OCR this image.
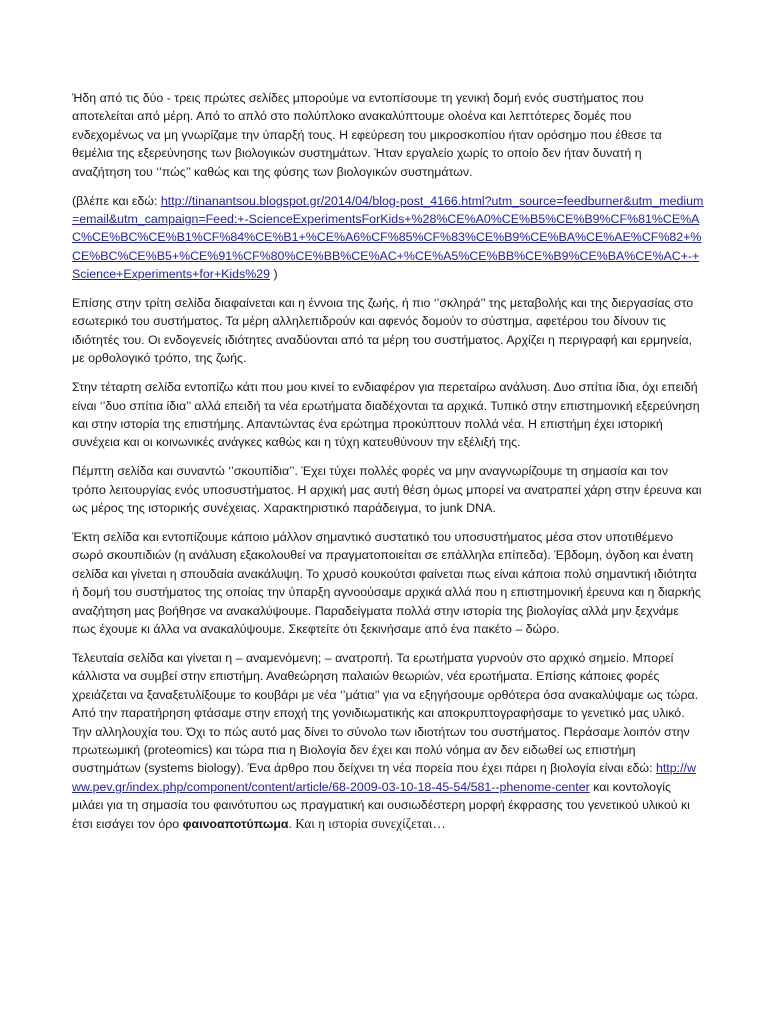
Ήδη από τις δύο - τρεις πρώτες σελίδες μπορούμε να εντοπίσουμε τη γενική δομή ενός συστήματος που αποτελείται από μέρη. Από το απλό στο πολύπλοκο ανακαλύπτουμε ολοένα και λεπτότερες δομές που ενδεχομένως να μη γνωρίζαμε την ύπαρξή τους. Η εφεύρεση του μικροσκοπίου ήταν ορόσημο που έθεσε τα θεμέλια της εξερεύνησης των βιολογικών συστημάτων. Ήταν εργαλείο χωρίς το οποίο δεν ήταν δυνατή η αναζήτηση του ‘’πώς’’ καθώς και της φύσης των βιολογικών συστημάτων.

(βλέπε και εδώ: http://tinanantsou.blogspot.gr/2014/04/blog-post_4166.html?utm_source=feedburner&utm_medium=email&utm_campaign=Feed:+-ScienceExperimentsForKids+%28%CE%A0%CE%B5%CE%B9%CF%81%CE%AC%CE%BC%CE%B1%CF%84%CE%B1+%CE%A6%CF%85%CF%83%CE%B9%CE%BA%CE%AE%CF%82+%CE%BC%CE%B5+%CE%91%CF%80%CE%BB%CE%AC+%CE%A5%CE%BB%CE%B9%CE%BA%CE%AC+-+Science+Experiments+for+Kids%29 )

Επίσης στην τρίτη σελίδα διαφαίνεται και η έννοια της ζωής, ή πιο ‘’σκληρά’’ της μεταβολής και της διεργασίας στο εσωτερικό του συστήματος. Τα μέρη αλληλεπιδρούν και αφενός δομούν το σύστημα, αφετέρου του δίνουν τις ιδιότητές του. Οι ενδογενείς ιδιότητες αναδύονται από τα μέρη του συστήματος. Αρχίζει η περιγραφή και ερμηνεία, με ορθολογικό τρόπο, της ζωής.

Στην τέταρτη σελίδα εντοπίζω κάτι που μου κινεί το ενδιαφέρον για περεταίρω ανάλυση. Δυο σπίτια ίδια, όχι επειδή είναι ‘’δυο σπίτια ίδια’’ αλλά επειδή τα νέα ερωτήματα διαδέχονται τα αρχικά. Τυπικό στην επιστημονική εξερεύνηση και στην ιστορία της επιστήμης. Απαντώντας ένα ερώτημα προκύπτουν πολλά νέα. Η επιστήμη έχει ιστορική συνέχεια και οι κοινωνικές ανάγκες καθώς και η τύχη κατευθύνουν την εξέλιξή της.

Πέμπτη σελίδα και συναντώ ‘’σκουπίδια’’. Έχει τύχει πολλές φορές να μην αναγνωρίζουμε τη σημασία και τον τρόπο λειτουργίας ενός υποσυστήματος. Η αρχική μας αυτή θέση όμως μπορεί να ανατραπεί χάρη στην έρευνα και ως μέρος της ιστορικής συνέχειας. Χαρακτηριστικό παράδειγμα, το junk DNA.

Έκτη σελίδα και εντοπίζουμε κάποιο μάλλον σημαντικό συστατικό του υποσυστήματος μέσα στον υποτιθέμενο σωρό σκουπιδιών (η ανάλυση εξακολουθεί να πραγματοποιείται σε επάλληλα επίπεδα). Έβδομη, όγδοη και ένατη σελίδα και γίνεται η σπουδαία ανακάλυψη. Το χρυσό κουκούτσι φαίνεται πως είναι κάποια πολύ σημαντική ιδιότητα ή δομή του συστήματος της οποίας την ύπαρξη αγνοούσαμε αρχικά αλλά που η επιστημονική έρευνα και η διαρκής αναζήτηση μας βοήθησε να ανακαλύψουμε. Παραδείγματα πολλά στην ιστορία της βιολογίας αλλά μην ξεχνάμε πως έχουμε κι άλλα να ανακαλύψουμε. Σκεφτείτε ότι ξεκινήσαμε από ένα πακέτο – δώρο.

Τελευταία σελίδα και γίνεται η – αναμενόμενη; – ανατροπή. Τα ερωτήματα γυρνούν στο αρχικό σημείο. Μπορεί κάλλιστα να συμβεί στην επιστήμη. Αναθεώρηση παλαιών θεωριών, νέα ερωτήματα. Επίσης κάποιες φορές χρειάζεται να ξαναξετυλίξουμε το κουβάρι με νέα ‘’μάτια’’ για να εξηγήσουμε ορθότερα όσα ανακαλύψαμε ως τώρα. Από την παρατήρηση φτάσαμε στην εποχή της γονιδιωματικής και αποκρυπτογραφήσαμε το γενετικό μας υλικό. Την αλληλουχία του. Όχι το πώς αυτό μας δίνει το σύνολο των ιδιοτήτων του συστήματος. Περάσαμε λοιπόν στην πρωτεωμική (proteomics) και τώρα πια η Βιολογία δεν έχει και πολύ νόημα αν δεν ειδωθεί ως επιστήμη συστημάτων (systems biology). Ένα άρθρο που δείχνει τη νέα πορεία που έχει πάρει η βιολογία είναι εδώ: http://www.pev.gr/index.php/component/content/article/68-2009-03-10-18-45-54/581--phenome-center και κοντολογίς μιλάει για τη σημασία του φαινότυπου ως πραγματική και ουσιωδέστερη μορφή έκφρασης του γενετικού υλικού κι έτσι εισάγει τον όρο φαινοαποτύπωμα. Και η ιστορία συνεχίζεται…
